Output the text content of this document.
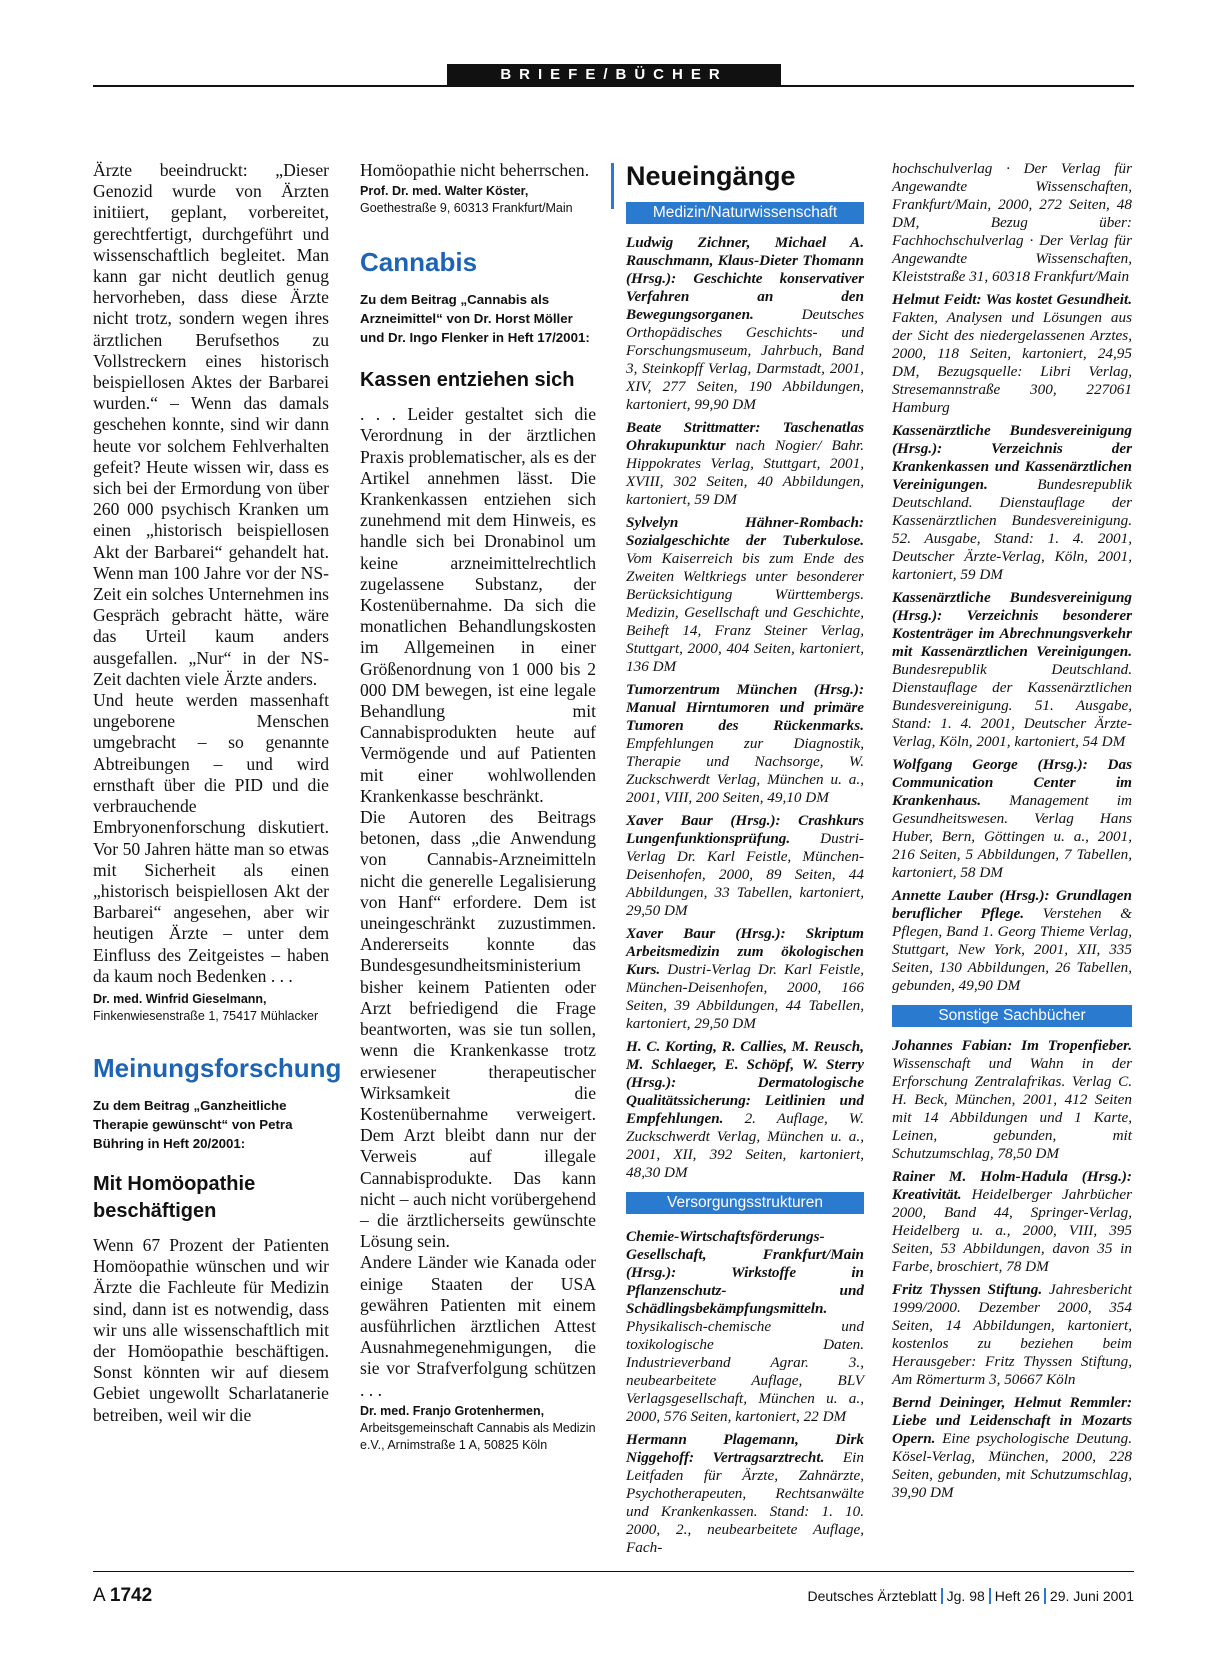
BRIEFE/BÜCHER

Ärzte beeindruckt: „Dieser Genozid wurde von Ärzten initiiert, geplant, vorbereitet, gerechtfertigt, durchgeführt und wissenschaftlich begleitet. Man kann gar nicht deutlich genug hervorheben, dass diese Ärzte nicht trotz, sondern wegen ihres ärztlichen Berufsethos zu Vollstreckern eines historisch beispiellosen Aktes der Barbarei wurden.“ – Wenn das damals geschehen konnte, sind wir dann heute vor solchem Fehlverhalten gefeit? Heute wissen wir, dass es sich bei der Ermordung von über 260 000 psychisch Kranken um einen „historisch beispiellosen Akt der Barbarei“ gehandelt hat. Wenn man 100 Jahre vor der NS-Zeit ein solches Unternehmen ins Gespräch gebracht hätte, wäre das Urteil kaum anders ausgefallen. „Nur“ in der NS-Zeit dachten viele Ärzte anders.

Und heute werden massenhaft ungeborene Menschen umgebracht – so genannte Abtreibungen – und wird ernsthaft über die PID und die verbrauchende Embryonenforschung diskutiert. Vor 50 Jahren hätte man so etwas mit Sicherheit als einen „historisch beispiellosen Akt der Barbarei“ angesehen, aber wir heutigen Ärzte – unter dem Einfluss des Zeitgeistes – haben da kaum noch Bedenken . . .

Dr. med. Winfrid Gieselmann,
Finkenwiesenstraße 1, 75417 Mühlacker

Meinungsforschung

Zu dem Beitrag „Ganzheitliche Therapie gewünscht“ von Petra Bühring in Heft 20/2001:

Mit Homöopathie beschäftigen

Wenn 67 Prozent der Patienten Homöopathie wünschen und wir Ärzte die Fachleute für Medizin sind, dann ist es notwendig, dass wir uns alle wissenschaftlich mit der Homöopathie beschäftigen. Sonst könnten wir auf diesem Gebiet ungewollt Scharlatanerie betreiben, weil wir die

Homöopathie nicht beherrschen.

Prof. Dr. med. Walter Köster,
Goethestraße 9, 60313 Frankfurt/Main

Cannabis

Zu dem Beitrag „Cannabis als Arzneimittel“ von Dr. Horst Möller und Dr. Ingo Flenker in Heft 17/2001:

Kassen entziehen sich

. . . Leider gestaltet sich die Verordnung in der ärztlichen Praxis problematischer, als es der Artikel annehmen lässt. Die Krankenkassen entziehen sich zunehmend mit dem Hinweis, es handle sich bei Dronabinol um keine arzneimittelrechtlich zugelassene Substanz, der Kostenübernahme. Da sich die monatlichen Behandlungskosten im Allgemeinen in einer Größenordnung von 1 000 bis 2 000 DM bewegen, ist eine legale Behandlung mit Cannabisprodukten heute auf Vermögende und auf Patienten mit einer wohlwollenden Krankenkasse beschränkt.

Die Autoren des Beitrags betonen, dass „die Anwendung von Cannabis-Arzneimitteln nicht die generelle Legalisierung von Hanf“ erfordere. Dem ist uneingeschränkt zuzustimmen. Andererseits konnte das Bundesgesundheitsministerium bisher keinem Patienten oder Arzt befriedigend die Frage beantworten, was sie tun sollen, wenn die Krankenkasse trotz erwiesener therapeutischer Wirksamkeit die Kostenübernahme verweigert. Dem Arzt bleibt dann nur der Verweis auf illegale Cannabisprodukte. Das kann nicht – auch nicht vorübergehend – die ärztlicherseits gewünschte Lösung sein.

Andere Länder wie Kanada oder einige Staaten der USA gewähren Patienten mit einem ausführlichen ärztlichen Attest Ausnahmegenehmigungen, die sie vor Strafverfolgung schützen . . .

Dr. med. Franjo Grotenhermen,
Arbeitsgemeinschaft Cannabis als Medizin e.V., Arnimstraße 1 A, 50825 Köln

Neueingänge
Medizin/Naturwissenschaft

Ludwig Zichner, Michael A. Rauschmann, Klaus-Dieter Thomann (Hrsg.): Geschichte konservativer Verfahren an den Bewegungsorganen. Deutsches Orthopädisches Geschichts- und Forschungsmuseum, Jahrbuch, Band 3, Steinkopff Verlag, Darmstadt, 2001, XIV, 277 Seiten, 190 Abbildungen, kartoniert, 99,90 DM

Beate Strittmatter: Taschenatlas Ohrakupunktur nach Nogier/ Bahr. Hippokrates Verlag, Stuttgart, 2001, XVIII, 302 Seiten, 40 Abbildungen, kartoniert, 59 DM

Sylvelyn Hähner-Rombach: Sozialgeschichte der Tuberkulose. Vom Kaiserreich bis zum Ende des Zweiten Weltkriegs unter besonderer Berücksichtigung Württembergs. Medizin, Gesellschaft und Geschichte, Beiheft 14, Franz Steiner Verlag, Stuttgart, 2000, 404 Seiten, kartoniert, 136 DM

Tumorzentrum München (Hrsg.): Manual Hirntumoren und primäre Tumoren des Rückenmarks. Empfehlungen zur Diagnostik, Therapie und Nachsorge, W. Zuckschwerdt Verlag, München u. a., 2001, VIII, 200 Seiten, 49,10 DM

Xaver Baur (Hrsg.): Crashkurs Lungenfunktionsprüfung. Dustri-Verlag Dr. Karl Feistle, München-Deisenhofen, 2000, 89 Seiten, 44 Abbildungen, 33 Tabellen, kartoniert, 29,50 DM

Xaver Baur (Hrsg.): Skriptum Arbeitsmedizin zum ökologischen Kurs. Dustri-Verlag Dr. Karl Feistle, München-Deisenhofen, 2000, 166 Seiten, 39 Abbildungen, 44 Tabellen, kartoniert, 29,50 DM

H. C. Korting, R. Callies, M. Reusch, M. Schlaeger, E. Schöpf, W. Sterry (Hrsg.): Dermatologische Qualitätssicherung: Leitlinien und Empfehlungen. 2. Auflage, W. Zuckschwerdt Verlag, München u. a., 2001, XII, 392 Seiten, kartoniert, 48,30 DM

Versorgungsstrukturen

Chemie-Wirtschaftsförderungs-Gesellschaft, Frankfurt/Main (Hrsg.): Wirkstoffe in Pflanzenschutz- und Schädlingsbekämpfungsmitteln. Physikalisch-chemische und toxikologische Daten. Industrieverband Agrar. 3., neubearbeitete Auflage, BLV Verlagsgesellschaft, München u. a., 2000, 576 Seiten, kartoniert, 22 DM

Hermann Plagemann, Dirk Niggehoff: Vertragsarztrecht. Ein Leitfaden für Ärzte, Zahnärzte, Psychotherapeuten, Rechtsanwälte und Krankenkassen. Stand: 1. 10. 2000, 2., neubearbeitete Auflage, Fach-

hochschulverlag · Der Verlag für Angewandte Wissenschaften, Frankfurt/Main, 2000, 272 Seiten, 48 DM, Bezug über: Fachhochschulverlag · Der Verlag für Angewandte Wissenschaften, Kleiststraße 31, 60318 Frankfurt/Main

Helmut Feidt: Was kostet Gesundheit. Fakten, Analysen und Lösungen aus der Sicht des niedergelassenen Arztes, 2000, 118 Seiten, kartoniert, 24,95 DM, Bezugsquelle: Libri Verlag, Stresemannstraße 300, 227061 Hamburg

Kassenärztliche Bundesvereinigung (Hrsg.): Verzeichnis der Krankenkassen und Kassenärztlichen Vereinigungen. Bundesrepublik Deutschland. Dienstauflage der Kassenärztlichen Bundesvereinigung. 52. Ausgabe, Stand: 1. 4. 2001, Deutscher Ärzte-Verlag, Köln, 2001, kartoniert, 59 DM

Kassenärztliche Bundesvereinigung (Hrsg.): Verzeichnis besonderer Kostenträger im Abrechnungsverkehr mit Kassenärztlichen Vereinigungen. Bundesrepublik Deutschland. Dienstauflage der Kassenärztlichen Bundesvereinigung. 51. Ausgabe, Stand: 1. 4. 2001, Deutscher Ärzte-Verlag, Köln, 2001, kartoniert, 54 DM

Wolfgang George (Hrsg.): Das Communication Center im Krankenhaus. Management im Gesundheitswesen. Verlag Hans Huber, Bern, Göttingen u. a., 2001, 216 Seiten, 5 Abbildungen, 7 Tabellen, kartoniert, 58 DM

Annette Lauber (Hrsg.): Grundlagen beruflicher Pflege. Verstehen & Pflegen, Band 1. Georg Thieme Verlag, Stuttgart, New York, 2001, XII, 335 Seiten, 130 Abbildungen, 26 Tabellen, gebunden, 49,90 DM

Sonstige Sachbücher

Johannes Fabian: Im Tropenfieber. Wissenschaft und Wahn in der Erforschung Zentralafrikas. Verlag C. H. Beck, München, 2001, 412 Seiten mit 14 Abbildungen und 1 Karte, Leinen, gebunden, mit Schutzumschlag, 78,50 DM

Rainer M. Holm-Hadula (Hrsg.): Kreativität. Heidelberger Jahrbücher 2000, Band 44, Springer-Verlag, Heidelberg u. a., 2000, VIII, 395 Seiten, 53 Abbildungen, davon 35 in Farbe, broschiert, 78 DM

Fritz Thyssen Stiftung. Jahresbericht 1999/2000. Dezember 2000, 354 Seiten, 14 Abbildungen, kartoniert, kostenlos zu beziehen beim Herausgeber: Fritz Thyssen Stiftung, Am Römerturm 3, 50667 Köln

Bernd Deininger, Helmut Remmler: Liebe und Leidenschaft in Mozarts Opern. Eine psychologische Deutung. Kösel-Verlag, München, 2000, 228 Seiten, gebunden, mit Schutzumschlag, 39,90 DM

A 1742	Deutsches Ärzteblatt Jg. 98 Heft 26 29. Juni 2001
